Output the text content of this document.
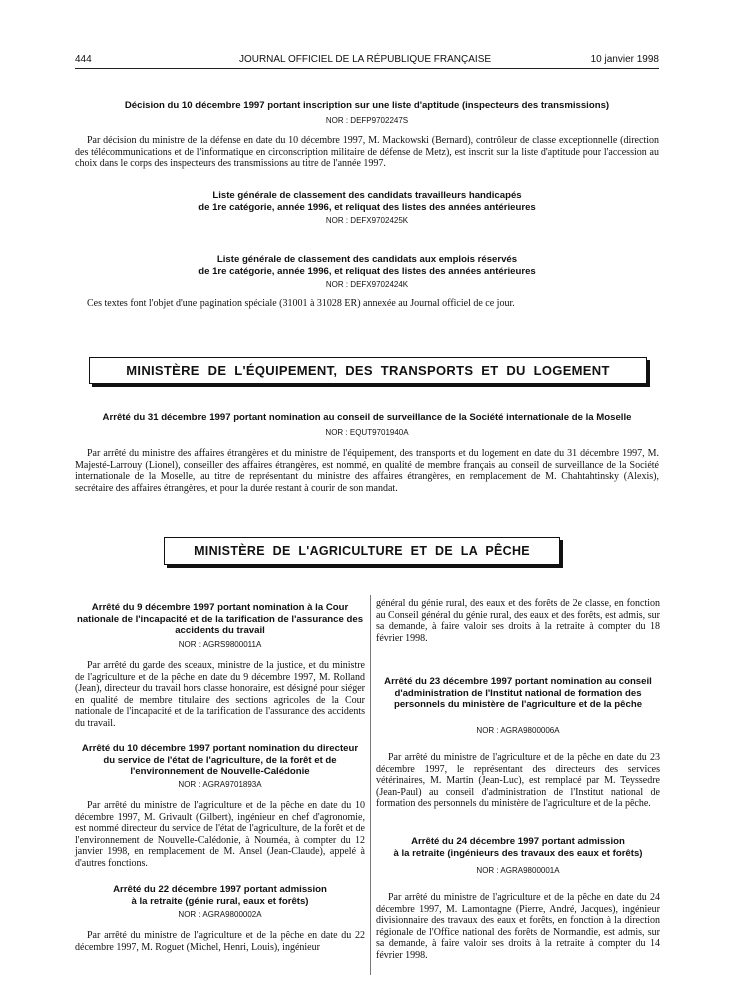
444	JOURNAL OFFICIEL DE LA RÉPUBLIQUE FRANÇAISE	10 janvier 1998
Décision du 10 décembre 1997 portant inscription sur une liste d'aptitude (inspecteurs des transmissions)
NOR : DEFP9702247S
Par décision du ministre de la défense en date du 10 décembre 1997, M. Mackowski (Bernard), contrôleur de classe exceptionnelle (direction des télécommunications et de l'informatique en circonscription militaire de défense de Metz), est inscrit sur la liste d'aptitude pour l'accession au choix dans le corps des inspecteurs des transmissions au titre de l'année 1997.
Liste générale de classement des candidats travailleurs handicapés
de 1re catégorie, année 1996, et reliquat des listes des années antérieures
NOR : DEFX9702425K
Liste générale de classement des candidats aux emplois réservés
de 1re catégorie, année 1996, et reliquat des listes des années antérieures
NOR : DEFX9702424K
Ces textes font l'objet d'une pagination spéciale (31001 à 31028 ER) annexée au Journal officiel de ce jour.
MINISTÈRE DE L'ÉQUIPEMENT, DES TRANSPORTS ET DU LOGEMENT
Arrêté du 31 décembre 1997 portant nomination au conseil de surveillance de la Société internationale de la Moselle
NOR : EQUT9701940A
Par arrêté du ministre des affaires étrangères et du ministre de l'équipement, des transports et du logement en date du 31 décembre 1997, M. Majesté-Larrouy (Lionel), conseiller des affaires étrangères, est nommé, en qualité de membre français au conseil de surveillance de la Société internationale de la Moselle, au titre de représentant du ministre des affaires étrangères, en remplacement de M. Chahtahtinsky (Alexis), secrétaire des affaires étrangères, et pour la durée restant à courir de son mandat.
MINISTÈRE DE L'AGRICULTURE ET DE LA PÊCHE
Arrêté du 9 décembre 1997 portant nomination à la Cour nationale de l'incapacité et de la tarification de l'assurance des accidents du travail
NOR : AGRS9800011A
Par arrêté du garde des sceaux, ministre de la justice, et du ministre de l'agriculture et de la pêche en date du 9 décembre 1997, M. Rolland (Jean), directeur du travail hors classe honoraire, est désigné pour siéger en qualité de membre titulaire des sections agricoles de la Cour nationale de l'incapacité et de la tarification de l'assurance des accidents du travail.
Arrêté du 10 décembre 1997 portant nomination du directeur du service de l'état de l'agriculture, de la forêt et de l'environnement de Nouvelle-Calédonie
NOR : AGRA9701893A
Par arrêté du ministre de l'agriculture et de la pêche en date du 10 décembre 1997, M. Grivault (Gilbert), ingénieur en chef d'agronomie, est nommé directeur du service de l'état de l'agriculture, de la forêt et de l'environnement de Nouvelle-Calédonie, à Nouméa, à compter du 12 janvier 1998, en remplacement de M. Ansel (Jean-Claude), appelé à d'autres fonctions.
Arrêté du 22 décembre 1997 portant admission
à la retraite (génie rural, eaux et forêts)
NOR : AGRA9800002A
Par arrêté du ministre de l'agriculture et de la pêche en date du 22 décembre 1997, M. Roguet (Michel, Henri, Louis), ingénieur
général du génie rural, des eaux et des forêts de 2e classe, en fonction au Conseil général du génie rural, des eaux et des forêts, est admis, sur sa demande, à faire valoir ses droits à la retraite à compter du 18 février 1998.
Arrêté du 23 décembre 1997 portant nomination au conseil d'administration de l'Institut national de formation des personnels du ministère de l'agriculture et de la pêche
NOR : AGRA9800006A
Par arrêté du ministre de l'agriculture et de la pêche en date du 23 décembre 1997, le représentant des directeurs des services vétérinaires, M. Martin (Jean-Luc), est remplacé par M. Teyssedre (Jean-Paul) au conseil d'administration de l'Institut national de formation des personnels du ministère de l'agriculture et de la pêche.
Arrêté du 24 décembre 1997 portant admission
à la retraite (ingénieurs des travaux des eaux et forêts)
NOR : AGRA9800001A
Par arrêté du ministre de l'agriculture et de la pêche en date du 24 décembre 1997, M. Lamontagne (Pierre, André, Jacques), ingénieur divisionnaire des travaux des eaux et forêts, en fonction à la direction régionale de l'Office national des forêts de Normandie, est admis, sur sa demande, à faire valoir ses droits à la retraite à compter du 14 février 1998.
